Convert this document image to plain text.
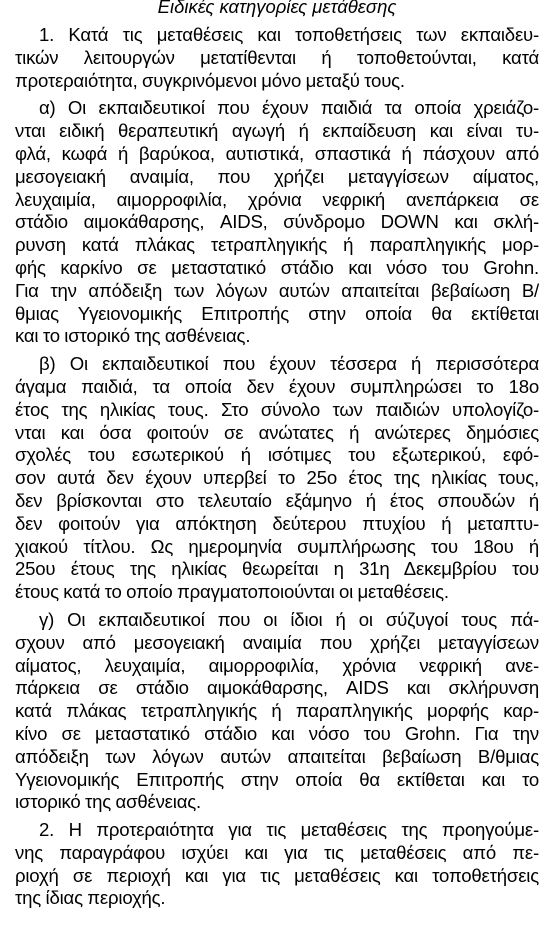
Ειδικές κατηγορίες μετάθεσης
1. Κατά τις μεταθέσεις και τοποθετήσεις των εκπαιδευ-
τικών λειτουργών μετατίθενται ή τοποθετούνται, κατά
προτεραιότητα, συγκρινόμενοι μόνο μεταξύ τους.
α) Οι εκπαιδευτικοί που έχουν παιδιά τα οποία χρειάζο-
νται ειδική θεραπευτική αγωγή ή εκπαίδευση και είναι τυ-
φλά, κωφά ή βαρύκοα, αυτιστικά, σπαστικά ή πάσχουν από
μεσογειακή αναιμία, που χρήζει μεταγγίσεων αίματος,
λευχαιμία, αιμορροφιλία, χρόνια νεφρική ανεπάρκεια σε
στάδιο αιμοκάθαρσης, AIDS, σύνδρομο DOWN και σκλή-
ρυνση κατά πλάκας τετραπληγικής ή παραπληγικής μορ-
φής καρκίνο σε μεταστατικό στάδιο και νόσο του Grohn.
Για την απόδειξη των λόγων αυτών απαιτείται βεβαίωση Β/
θμιας Υγειονομικής Επιτροπής στην οποία θα εκτίθεται
και το ιστορικό της ασθένειας.
β) Οι εκπαιδευτικοί που έχουν τέσσερα ή περισσότερα
άγαμα παιδιά, τα οποία δεν έχουν συμπληρώσει το 18ο
έτος της ηλικίας τους. Στο σύνολο των παιδιών υπολογίζο-
νται και όσα φοιτούν σε ανώτατες ή ανώτερες δημόσιες
σχολές του εσωτερικού ή ισότιμες του εξωτερικού, εφό-
σον αυτά δεν έχουν υπερβεί το 25ο έτος της ηλικίας τους,
δεν βρίσκονται στο τελευταίο εξάμηνο ή έτος σπουδών ή
δεν φοιτούν για απόκτηση δεύτερου πτυχίου ή μεταπτυ-
χιακού τίτλου. Ως ημερομηνία συμπλήρωσης του 18ου ή
25ου έτους της ηλικίας θεωρείται η 31η Δεκεμβρίου του
έτους κατά το οποίο πραγματοποιούνται οι μεταθέσεις.
γ) Οι εκπαιδευτικοί που οι ίδιοι ή οι σύζυγοί τους πά-
σχουν από μεσογειακή αναιμία που χρήζει μεταγγίσεων
αίματος, λευχαιμία, αιμορροφιλία, χρόνια νεφρική ανε-
πάρκεια σε στάδιο αιμοκάθαρσης, AIDS και σκλήρυνση
κατά πλάκας τετραπληγικής ή παραπληγικής μορφής καρ-
κίνο σε μεταστατικό στάδιο και νόσο του Grohn. Για την
απόδειξη των λόγων αυτών απαιτείται βεβαίωση Β/θμιας
Υγειονομικής Επιτροπής στην οποία θα εκτίθεται και το
ιστορικό της ασθένειας.
2. Η προτεραιότητα για τις μεταθέσεις της προηγούμε-
νης παραγράφου ισχύει και για τις μεταθέσεις από πε-
ριοχή σε περιοχή και για τις μεταθέσεις και τοποθετήσεις
της ίδιας περιοχής.
